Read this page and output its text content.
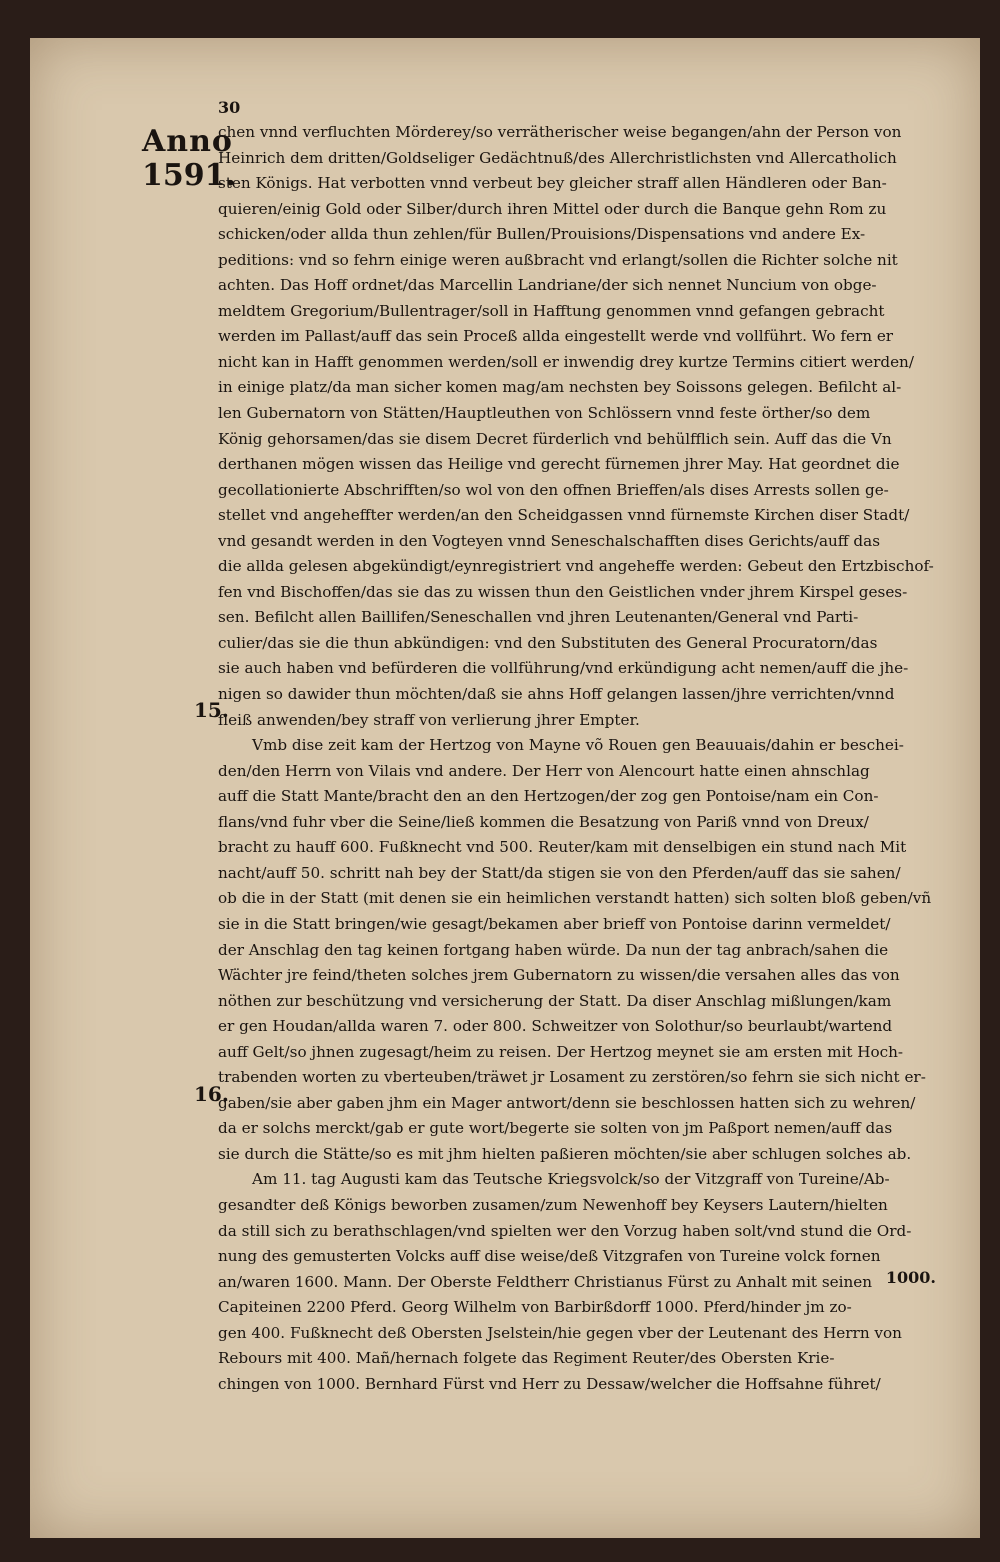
Anno
1591.
30
15.
16.
chen vnnd verfluchten Mörderey/so verrätherischer weise begangen/ahn der Person von
Heinrich dem dritten/Goldseliger Gedächtnuß/des Allerchristlichsten vnd Allercatholich
sten Königs. Hat verbotten vnnd verbeut bey gleicher straff allen Händleren oder Ban-
quieren/einig Gold oder Silber/durch ihren Mittel oder durch die Banque gehn Rom zu
schicken/oder allda thun zehlen/für Bullen/Prouisions/Dispensations vnd andere Ex-
peditions: vnd so fehrn einige weren außbracht vnd erlangt/sollen die Richter solche nit
achten. Das Hoff ordnet/das Marcellin Landriane/der sich nennet Nuncium von obge-
meldtem Gregorium/Bullentrager/soll in Hafftung genommen vnnd gefangen gebracht
werden im Pallast/auff das sein Proceß allda eingestellt werde vnd vollführt. Wo fern er
nicht kan in Hafft genommen werden/soll er inwendig drey kurtze Termins citiert werden/
in einige platz/da man sicher komen mag/am nechsten bey Soissons gelegen. Befilcht al-
len Gubernatorn von Stätten/Hauptleuthen von Schlössern vnnd feste örther/so dem
König gehorsamen/das sie disem Decret fürderlich vnd behülfflich sein. Auff das die Vn
derthanen mögen wissen das Heilige vnd gerecht fürnemen jhrer May. Hat geordnet die
gecollationierte Abschrifften/so wol von den offnen Brieffen/als dises Arrests sollen ge-
stellet vnd angeheffter werden/an den Scheidgassen vnnd fürnemste Kirchen diser Stadt/
vnd gesandt werden in den Vogteyen vnnd Seneschalschafften dises Gerichts/auff das
die allda gelesen abgekündigt/eynregistriert vnd angeheffe werden: Gebeut den Ertzbischof-
fen vnd Bischoffen/das sie das zu wissen thun den Geistlichen vnder jhrem Kirspel geses-
sen. Befilcht allen Baillifen/Seneschallen vnd jhren Leutenanten/General vnd Parti-
culier/das sie die thun abkündigen: vnd den Substituten des General Procuratorn/das
sie auch haben vnd befürderen die vollführung/vnd erkündigung acht nemen/auff die jhe-
nigen so dawider thun möchten/daß sie ahns Hoff gelangen lassen/jhre verrichten/vnnd
fleiß anwenden/bey straff von verlierung jhrer Empter.
Vmb dise zeit kam der Hertzog von Mayne võ Rouen gen Beauuais/dahin er beschei-
den/den Herrn von Vilais vnd andere. Der Herr von Alencourt hatte einen ahnschlag
auff die Statt Mante/bracht den an den Hertzogen/der zog gen Pontoise/nam ein Con-
flans/vnd fuhr vber die Seine/ließ kommen die Besatzung von Pariß vnnd von Dreux/
bracht zu hauff 600. Fußknecht vnd 500. Reuter/kam mit denselbigen ein stund nach Mit
nacht/auff 50. schritt nah bey der Statt/da stigen sie von den Pferden/auff das sie sahen/
ob die in der Statt (mit denen sie ein heimlichen verstandt hatten) sich solten bloß geben/vñ
sie in die Statt bringen/wie gesagt/bekamen aber brieff von Pontoise darinn vermeldet/
der Anschlag den tag keinen fortgang haben würde. Da nun der tag anbrach/sahen die
Wächter jre feind/theten solches jrem Gubernatorn zu wissen/die versahen alles das von
nöthen zur beschützung vnd versicherung der Statt. Da diser Anschlag mißlungen/kam
er gen Houdan/allda waren 7. oder 800. Schweitzer von Solothur/so beurlaubt/wartend
auff Gelt/so jhnen zugesagt/heim zu reisen. Der Hertzog meynet sie am ersten mit Hoch-
trabenden worten zu vberteuben/träwet jr Losament zu zerstören/so fehrn sie sich nicht er-
gaben/sie aber gaben jhm ein Mager antwort/denn sie beschlossen hatten sich zu wehren/
da er solchs merckt/gab er gute wort/begerte sie solten von jm Paßport nemen/auff das
sie durch die Stätte/so es mit jhm hielten paßieren möchten/sie aber schlugen solches ab.
Am 11. tag Augusti kam das Teutsche Kriegsvolck/so der Vitzgraff von Tureine/Ab-
gesandter deß Königs beworben zusamen/zum Newenhoff bey Keysers Lautern/hielten
da still sich zu berathschlagen/vnd spielten wer den Vorzug haben solt/vnd stund die Ord-
nung des gemusterten Volcks auff dise weise/deß Vitzgrafen von Tureine volck fornen
an/waren 1600. Mann. Der Oberste Feldtherr Christianus Fürst zu Anhalt mit seinen
Capiteinen 2200 Pferd. Georg Wilhelm von Barbirßdorff 1000. Pferd/hinder jm zo-
gen 400. Fußknecht deß Obersten Jselstein/hie gegen vber der Leutenant des Herrn von
Rebours mit 400. Mañ/hernach folgete das Regiment Reuter/des Obersten Krie-
chingen von 1000. Bernhard Fürst vnd Herr zu Dessaw/welcher die Hoffsahne führet/
1000.
